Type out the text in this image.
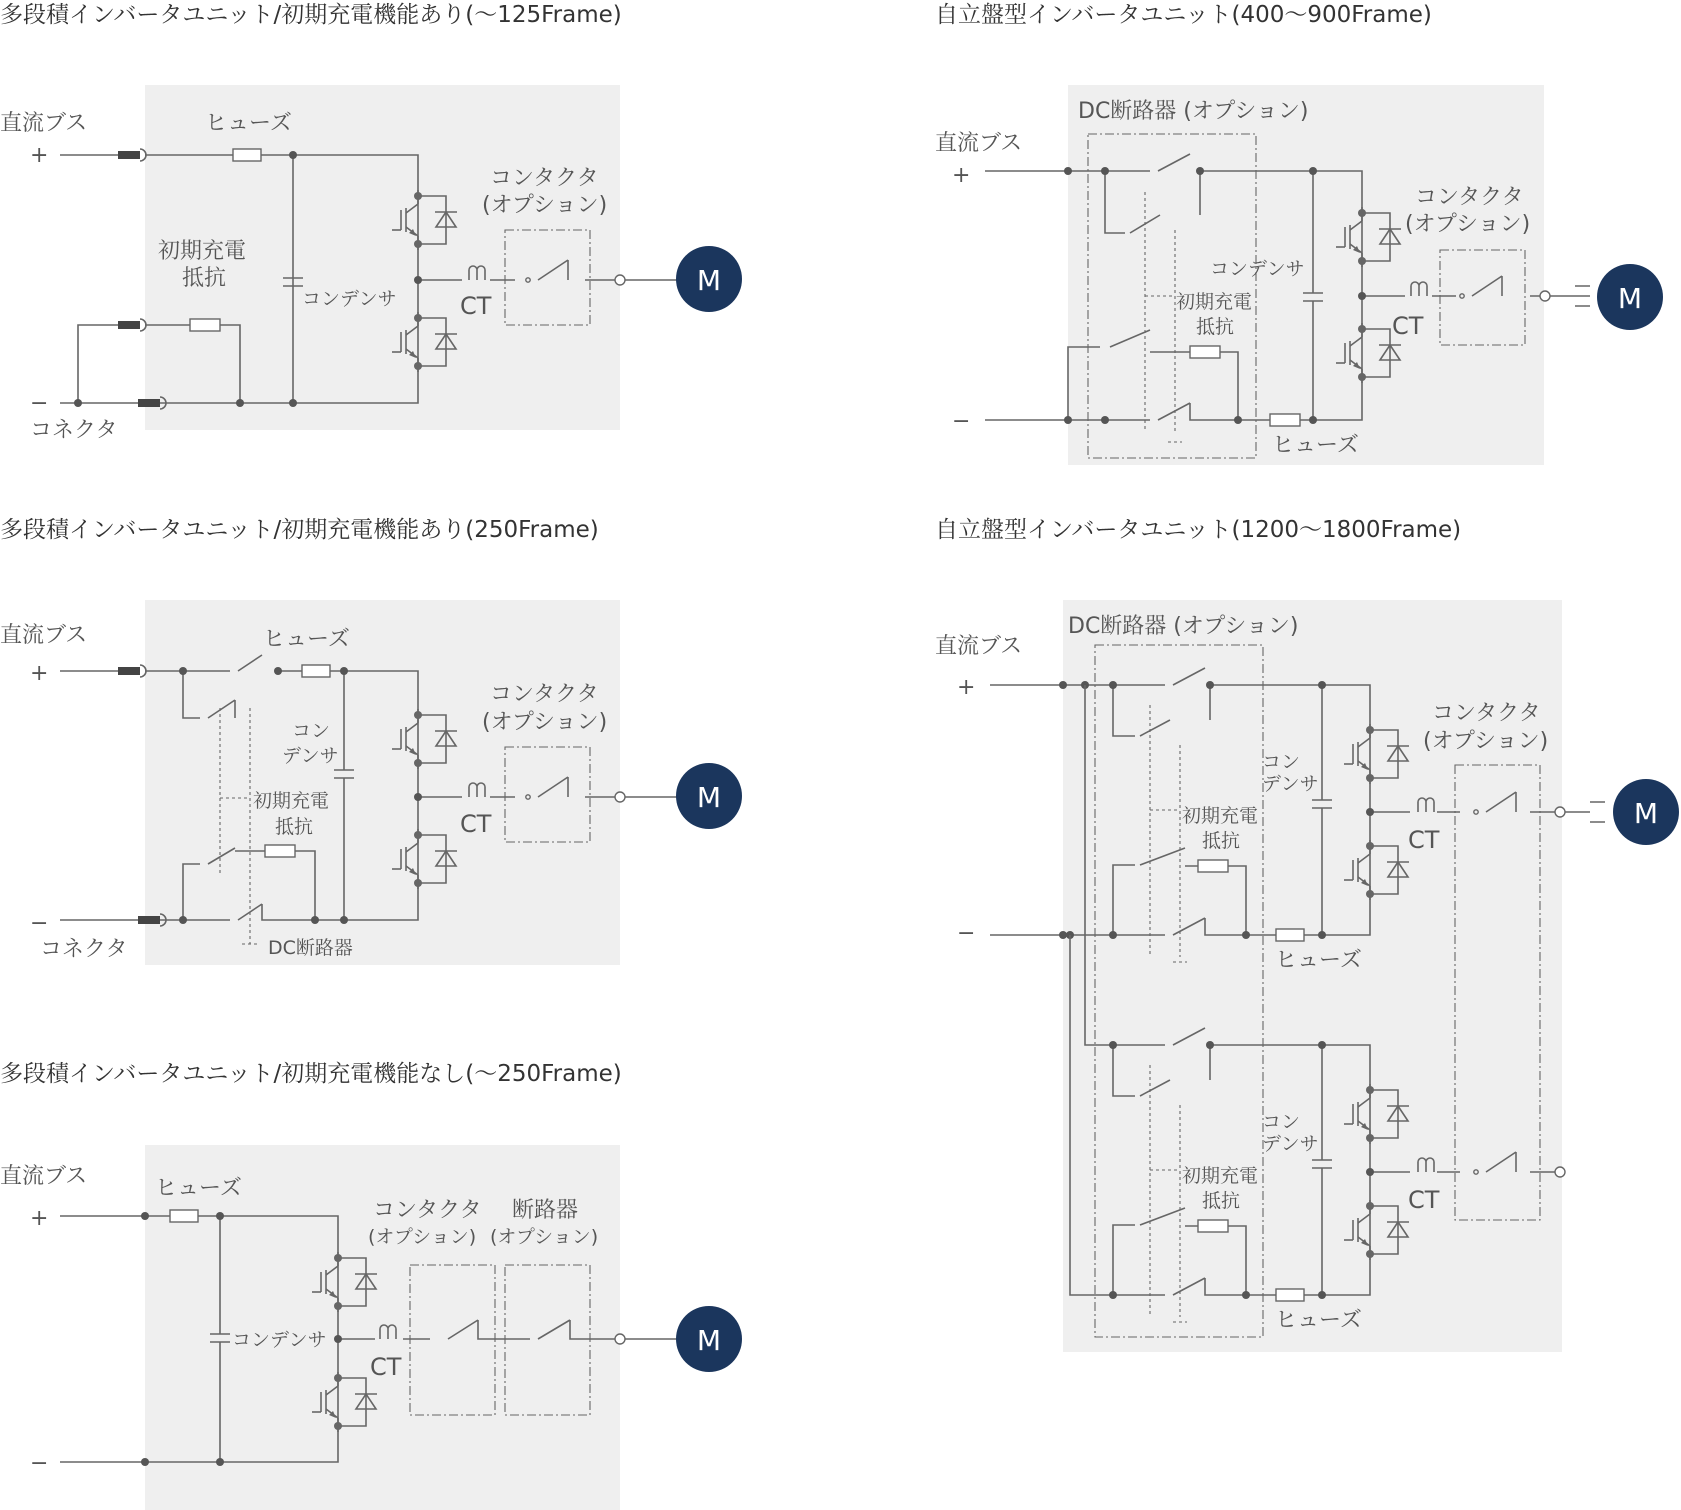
多段積インバータユニット/初期充電機能あり(〜125Frame)
直流ブス
+
−
コネクタ
CT
コンタクタ
(オプション)
ヒューズ
初期充電
抵抗
コンデンサ
M
多段積インバータユニット/初期充電機能あり(250Frame)
直流ブス
+
−
コネクタ
CT
コンタクタ
(オプション)
ヒューズ
コン
デンサ
初期充電
抵抗
DC断路器
M
多段積インバータユニット/初期充電機能なし(〜250Frame)
直流ブス
+
−
CT
コンタクタ
(オプション)
断路器
(オプション)
ヒューズ
コンデンサ	M
自立盤型インバータユニット(400〜900Frame)
DC断路器 (オプション)
直流ブス
+
−
CT
コンタクタ
(オプション)
コンデンサ
初期充電
抵抗
ヒューズ
M
自立盤型インバータユニット(1200〜1800Frame)
DC断路器 (オプション)
直流ブス
+
−
CT
コン
デンサ
初期充電
抵抗
ヒューズ
CT
コン
デンサ
初期充電
抵抗
ヒューズ
コンタクタ
(オプション)
M
